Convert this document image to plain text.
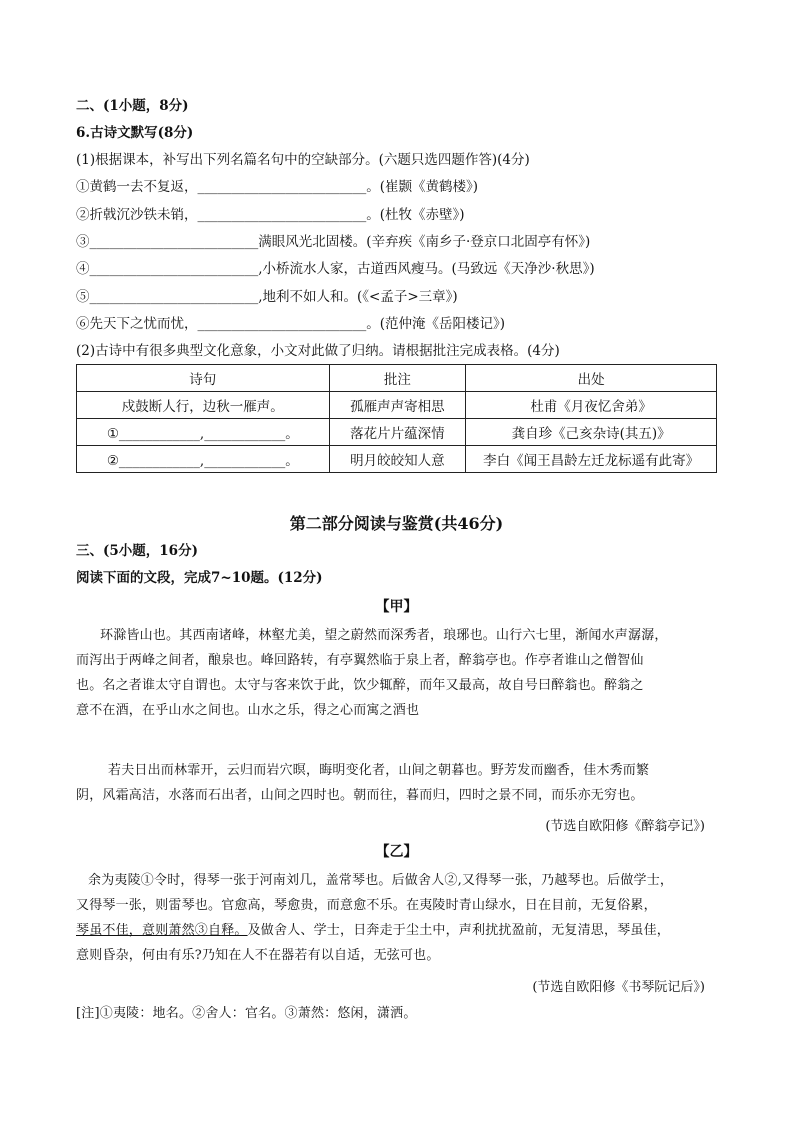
二、(1小题，8分)
6.古诗文默写(8分)
(1)根据课本，补写出下列名篇名句中的空缺部分。(六题只选四题作答)(4分)
①黄鹤一去不复返，_________________________。(崔颢《黄鹤楼》)
②折戟沉沙铁未销，_________________________。(杜牧《赤壁》)
③_________________________满眼风光北固楼。(辛弃疾《南乡子·登京口北固亭有怀》)
④_________________________,小桥流水人家，古道西风瘦马。(马致远《天净沙·秋思》)
⑤_________________________,地利不如人和。(《<孟子>三章》)
⑥先天下之忧而忧，_________________________。(范仲淹《岳阳楼记》)
(2)古诗中有很多典型文化意象，小文对此做了归纳。请根据批注完成表格。(4分)
诗句	批注	出处
戍鼓断人行，边秋一雁声。	孤雁声声寄相思	杜甫《月夜忆舍弟》
①____________,____________。	落花片片蕴深情	龚自珍《己亥杂诗(其五)》
②____________,____________。	明月皎皎知人意	李白《闻王昌龄左迁龙标遥有此寄》
第二部分阅读与鉴赏(共46分)
三、(5小题，16分)
阅读下面的文段，完成7~10题。(12分)
【甲】
环滁皆山也。其西南诸峰，林壑尤美，望之蔚然而深秀者，琅琊也。山行六七里，渐闻水声潺潺，
而泻出于两峰之间者，酿泉也。峰回路转，有亭翼然临于泉上者，醉翁亭也。作亭者谁山之僧智仙
也。名之者谁太守自谓也。太守与客来饮于此，饮少辄醉，而年又最高，故自号曰醉翁也。醉翁之
意不在酒，在乎山水之间也。山水之乐，得之心而寓之酒也
若夫日出而林霏开，云归而岩穴暝，晦明变化者，山间之朝暮也。野芳发而幽香，佳木秀而繁
阴，风霜高洁，水落而石出者，山间之四时也。朝而往，暮而归，四时之景不同，而乐亦无穷也。
(节选自欧阳修《醉翁亭记》)
【乙】
余为夷陵①令时，得琴一张于河南刘几，盖常琴也。后做舍人②,又得琴一张，乃越琴也。后做学士，
又得琴一张，则雷琴也。官愈高，琴愈贵，而意愈不乐。在夷陵时青山绿水，日在目前，无复俗累，
琴虽不佳，意则萧然③自释。及做舍人、学士，日奔走于尘土中，声利扰扰盈前，无复清思，琴虽佳，
意则昏杂，何由有乐?乃知在人不在器若有以自适，无弦可也。
(节选自欧阳修《书琴阮记后》)
[注]①夷陵：地名。②舍人：官名。③萧然：悠闲，潇洒。
